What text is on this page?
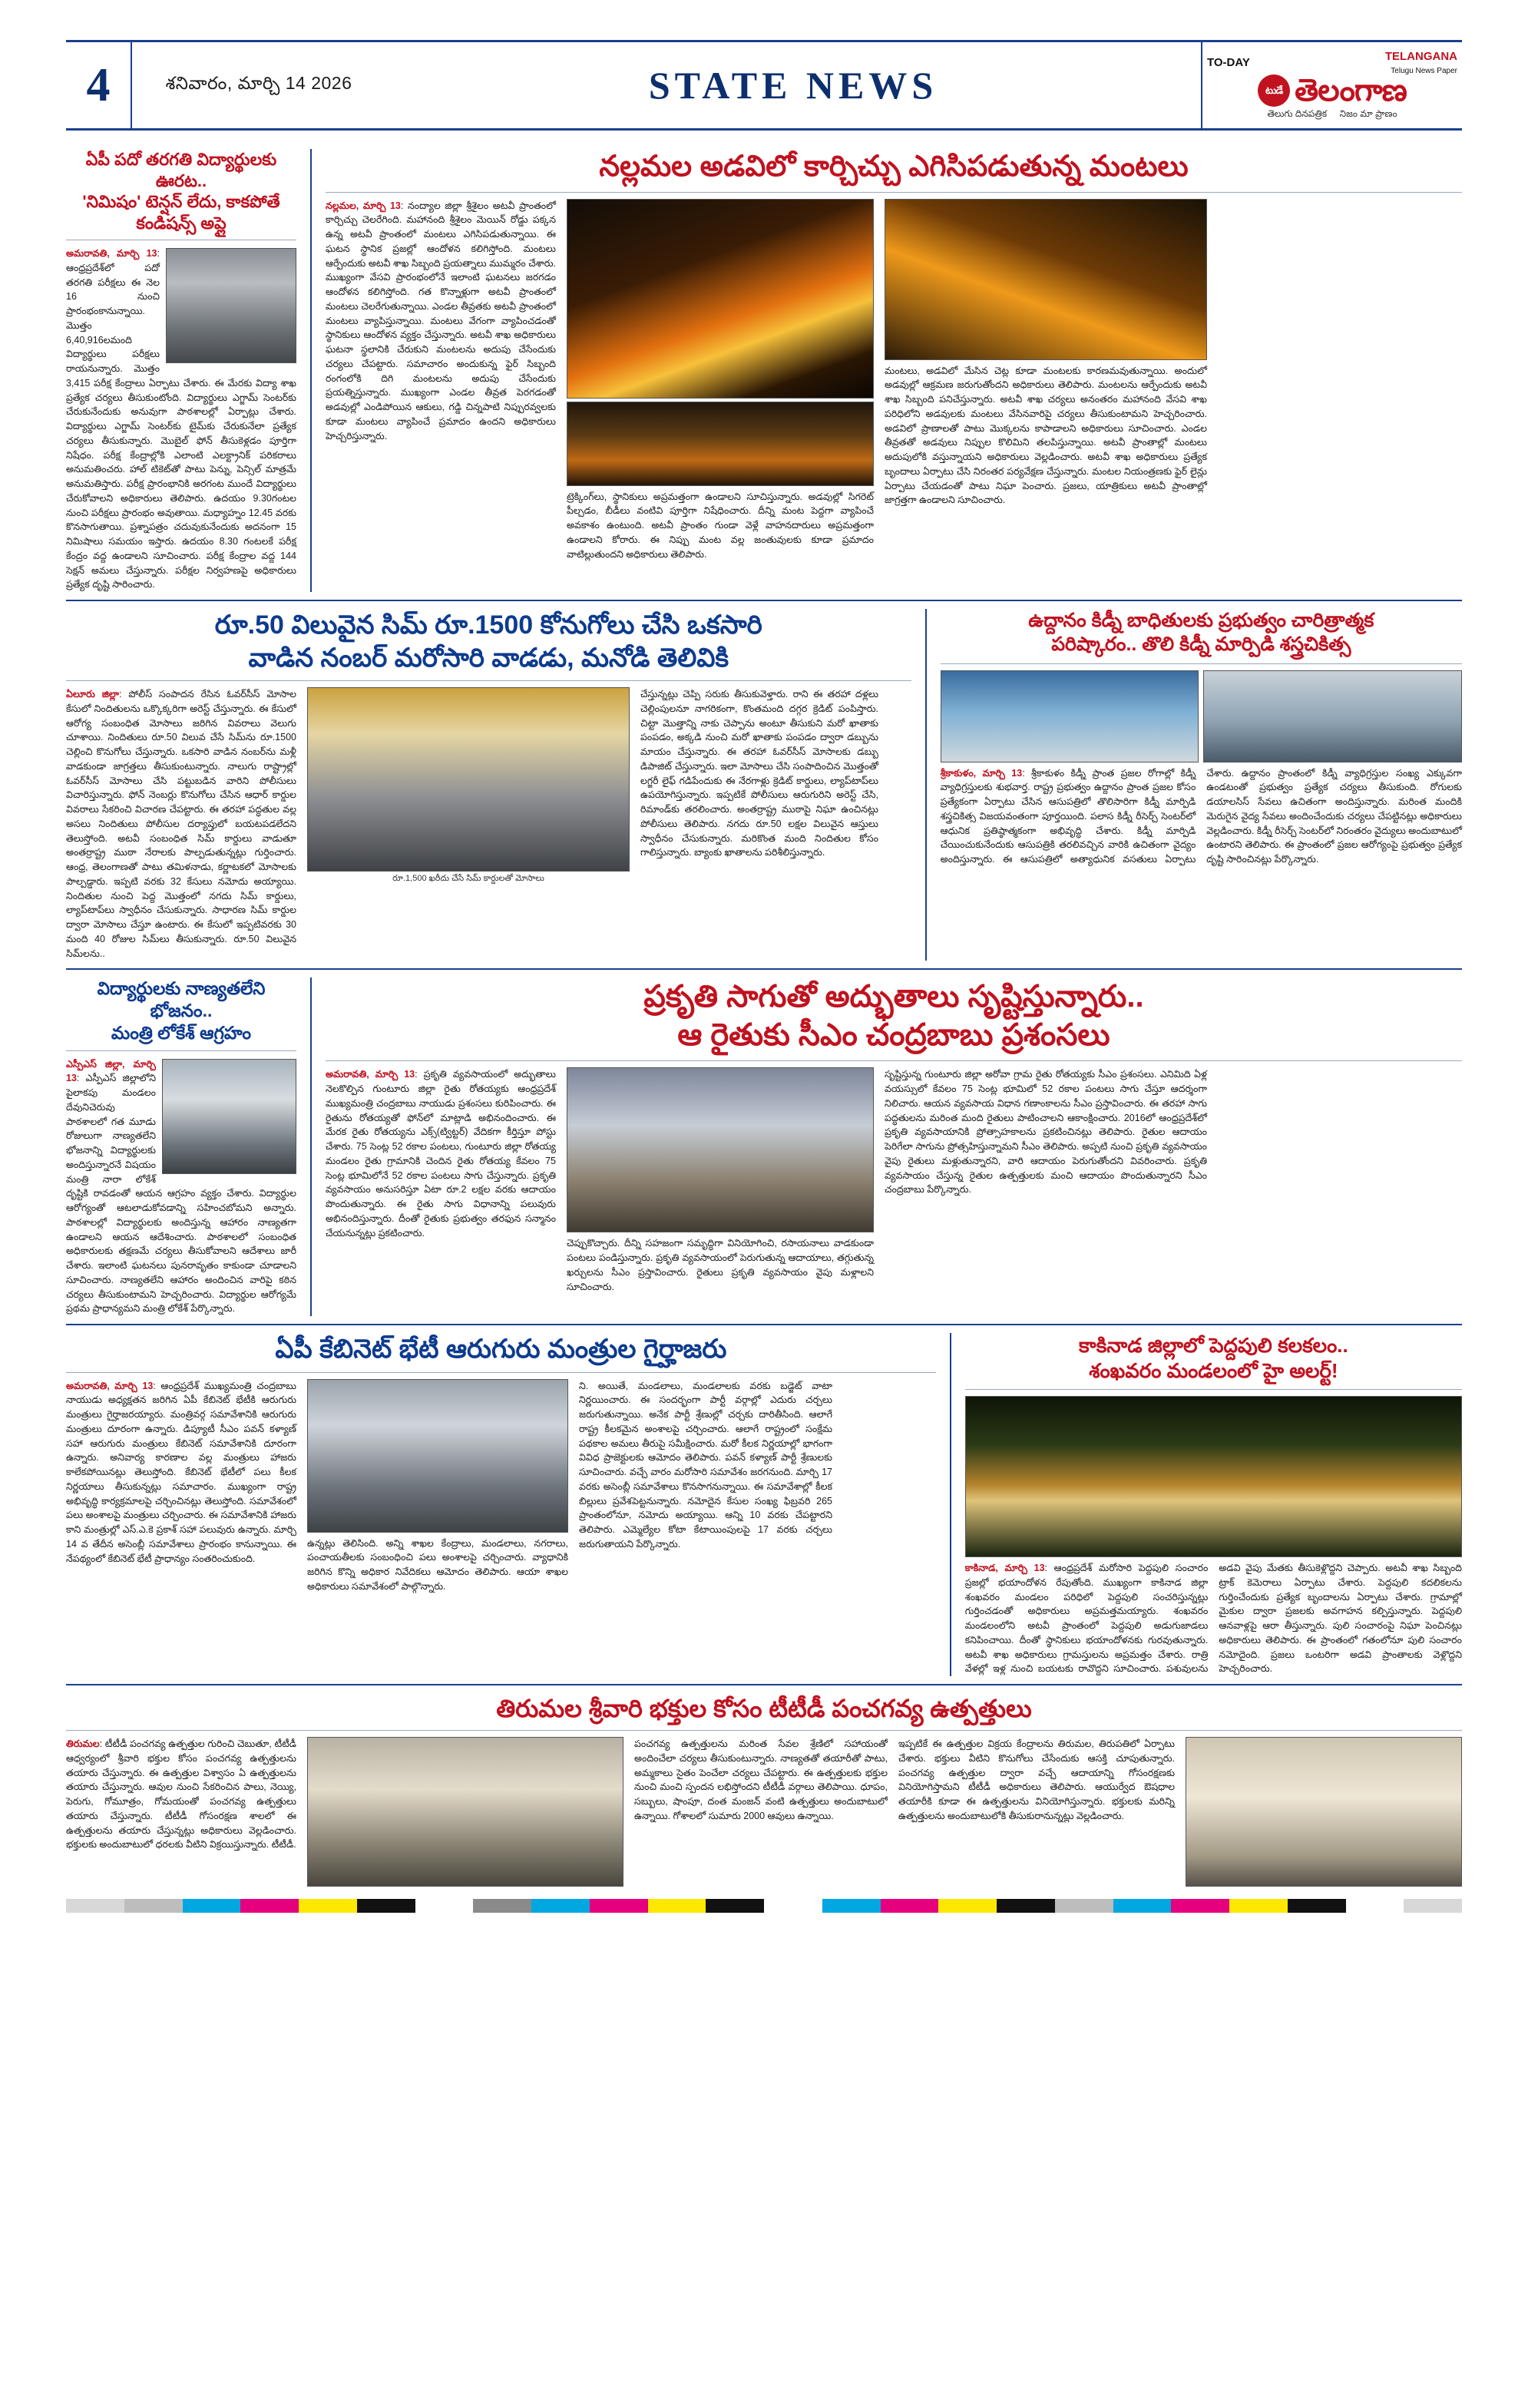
4	శనివారం, మార్చి 14 2026	STATE NEWS
TO-DAY	TELANGANA
Telugu News Paper
టుడే తెలంగాణ
తెలుగు దినపత్రిక నిజం మా ప్రాణం
ఏపీ పదో తరగతి విద్యార్థులకు ఊరట..
'నిమిషం' టెన్షన్ లేదు, కాకపోతే కండిషన్స్ అప్లై
అమరావతి, మార్చి 13: ఆంధ్రప్రదేశ్‌లో పదో తరగతి పరీక్షలు ఈ నెల 16 నుంచి ప్రారంభంకానున్నాయి. మొత్తం 6,40,916లమంది విద్యార్థులు పరీక్షలు రాయనున్నారు. మొత్తం 3,415 పరీక్ష కేంద్రాలు ఏర్పాటు చేశారు. ఈ మేరకు విద్యా శాఖ ప్రత్యేక చర్యలు తీసుకుంటోంది. విద్యార్థులు ఎగ్జామ్ సెంటర్‌కు చేరుకునేందుకు అనువుగా పాఠశాలల్లో ఏర్పాట్లు చేశారు. విద్యార్థులు ఎగ్జామ్ సెంటర్‌కు టైమ్‌కు చేరుకునేలా ప్రత్యేక చర్యలు తీసుకున్నారు. మొబైల్ ఫోన్ తీసుకెళ్లడం పూర్తిగా నిషేధం. పరీక్ష కేంద్రాల్లోకి ఎలాంటి ఎలక్ట్రానిక్ పరికరాలు అనుమతించరు. హాల్ టికెట్‌తో పాటు పెన్ను, పెన్సిల్ మాత్రమే అనుమతిస్తారు. పరీక్ష ప్రారంభానికి అరగంట ముందే విద్యార్థులు చేరుకోవాలని అధికారులు తెలిపారు. ఉదయం 9.30గంటల నుంచి పరీక్షలు ప్రారంభం అవుతాయి. మధ్యాహ్నం 12.45 వరకు కొనసాగుతాయి. ప్రశ్నాపత్రం చదువుకునేందుకు అదనంగా 15 నిమిషాలు సమయం ఇస్తారు. ఉదయం 8.30 గంటలకే పరీక్ష కేంద్రం వద్ద ఉండాలని సూచించారు. పరీక్ష కేంద్రాల వద్ద 144 సెక్షన్ అమలు చేస్తున్నారు. పరీక్షల నిర్వహణపై అధికారులు ప్రత్యేక దృష్టి సారించారు.
నల్లమల అడవిలో కార్చిచ్చు ఎగిసిపడుతున్న మంటలు
నల్లమల, మార్చి 13: నంద్యాల జిల్లా శ్రీశైలం అటవీ ప్రాంతంలో కార్చిచ్చు చెలరేగింది. మహానంది శ్రీశైలం మెయిన్ రోడ్డు పక్కన ఉన్న అటవీ ప్రాంతంలో మంటలు ఎగిసిపడుతున్నాయి. ఈ ఘటన స్థానిక ప్రజల్లో ఆందోళన కలిగిస్తోంది. మంటలు ఆర్పేందుకు అటవీ శాఖ సిబ్బంది ప్రయత్నాలు ముమ్మరం చేశారు. ముఖ్యంగా వేసవి ప్రారంభంలోనే ఇలాంటి ఘటనలు జరగడం ఆందోళన కలిగిస్తోంది. గత కొన్నాళ్లుగా అటవీ ప్రాంతంలో మంటలు చెలరేగుతున్నాయి. ఎండల తీవ్రతకు అటవీ ప్రాంతంలో మంటలు వ్యాపిస్తున్నాయి. మంటలు వేగంగా వ్యాపించడంతో స్థానికులు ఆందోళన వ్యక్తం చేస్తున్నారు. అటవీ శాఖ అధికారులు ఘటనా స్థలానికి చేరుకుని మంటలను అదుపు చేసేందుకు చర్యలు చేపట్టారు. సమాచారం అందుకున్న ఫైర్ సిబ్బంది రంగంలోకి దిగి మంటలను అదుపు చేసేందుకు ప్రయత్నిస్తున్నారు. ముఖ్యంగా ఎండల తీవ్రత పెరగడంతో అడవుల్లో ఎండిపోయిన ఆకులు, గడ్డి చిన్నపాటి నిప్పురవ్వలకు కూడా మంటలు వ్యాపించే ప్రమాదం ఉందని అధికారులు హెచ్చరిస్తున్నారు.
ట్రెక్కింగ్‌లు, స్థానికులు అప్రమత్తంగా ఉండాలని సూచిస్తున్నారు. అడవుల్లో సిగరెట్ పీల్చడం, బీడీలు వంటివి పూర్తిగా నిషేధించారు. దీన్ని మంట పెద్దగా వ్యాపించే అవకాశం ఉంటుంది. అటవీ ప్రాంతం గుండా వెళ్లే వాహనదారులు అప్రమత్తంగా ఉండాలని కోరారు. ఈ నిప్పు మంట వల్ల జంతువులకు కూడా ప్రమాదం వాటిల్లుతుందని అధికారులు తెలిపారు.
మంటలు, అడవిలో మేసిన చెట్ల కూడా మంటలకు కారణమవుతున్నాయి. అందులో అడవుల్లో ఆక్రమణ జరుగుతోందని అధికారులు తెలిపారు. మంటలను ఆర్పేందుకు అటవీ శాఖ సిబ్బంది పనిచేస్తున్నారు. అటవీ శాఖ చర్యలు అనంతరం మహానంది వేసవి శాఖ పరిధిలోని అడవులకు మంటలు వేసినవారిపై చర్యలు తీసుకుంటామని హెచ్చరించారు. అడవిలో ప్రాణాలతో పాటు మొక్కలను కాపాడాలని అధికారులు సూచించారు. ఎండల తీవ్రతతో అడవులు నిప్పుల కొలిమిని తలపిస్తున్నాయి. అటవీ ప్రాంతాల్లో మంటలు అదుపులోకి వస్తున్నాయని అధికారులు వెల్లడించారు. అటవీ శాఖ అధికారులు ప్రత్యేక బృందాలు ఏర్పాటు చేసి నిరంతర పర్యవేక్షణ చేస్తున్నారు. మంటల నియంత్రణకు ఫైర్ లైన్లు ఏర్పాటు చేయడంతో పాటు నిఘా పెంచారు. ప్రజలు, యాత్రికులు అటవీ ప్రాంతాల్లో జాగ్రత్తగా ఉండాలని సూచించారు.
రూ.50 విలువైన సిమ్ రూ.1500 కోనుగోలు చేసి ఒకసారి
వాడిన నంబర్ మరోసారి వాడడు, మనోడి తెలివికి
ఏలూరు జిల్లా: పోలీస్ సంపాదన రేసిన ఓవర్‌సీస్ మోసాల కేసులో నిందితులను ఒక్కొక్కరిగా అరెస్ట్ చేస్తున్నారు. ఈ కేసులో ఆరోగ్య సంబంధిత మోసాలు జరిగిన వివరాలు వెలుగు చూశాయి. నిందితులు రూ.50 విలువ చేసే సిమ్‌ను రూ.1500 చెల్లించి కొనుగోలు చేస్తున్నారు. ఒకసారి వాడిన నంబర్‌ను మళ్లీ వాడకుండా జాగ్రత్తలు తీసుకుంటున్నారు. నాలుగు రాష్ట్రాల్లో ఓవర్‌సీస్ మోసాలు చేసి పట్టుబడిన వారిని పోలీసులు విచారిస్తున్నారు. ఫోన్ నెంబర్లు కొనుగోలు చేసిన ఆధార్ కార్డుల వివరాలు సేకరించి విచారణ చేపట్టారు. ఈ తరహా పద్ధతుల వల్ల అసలు నిందితులు పోలీసుల దర్యాప్తులో బయటపడలేదని తెలుస్తోంది. అటవీ సంబంధిత సిమ్ కార్డులు వాడుతూ అంతర్రాష్ట్ర ముఠా నేరాలకు పాల్పడుతున్నట్లు గుర్తించారు. ఆంధ్ర, తెలంగాణతో పాటు తమిళనాడు, కర్ణాటకలో మోసాలకు పాల్పడ్డారు. ఇప్పటి వరకు 32 కేసులు నమోదు అయ్యాయి. నిందితుల నుంచి పెద్ద మొత్తంలో నగదు సిమ్ కార్డులు, ల్యాప్‌టాప్‌లు స్వాధీనం చేసుకున్నారు. సాధారణ సిమ్ కార్డుల ద్వారా మోసాలు చేస్తూ ఉంటారు. ఈ కేసులో ఇప్పటివరకు 30 మంది 40 రోజుల సిమ్‌లు తీసుకున్నారు. రూ.50 విలువైన సిమ్‌లను..
రూ.1,500 ఖరీదు చేసే సిమ్ కార్డులతో మోసాలు
చేస్తున్నట్లు చెప్పి సరుకు తీసుకువెళ్తారు. రాని ఈ తరహా దళ్లలు చెల్లింపులనూ నాగరికంగా, కొంతమంది దగ్గర క్రెడిట్ పంపిస్తారు. చిట్టా మొత్తాన్ని నాకు చెప్పాను అంటూ తీసుకుని మరో ఖాతాకు పంపడం, అక్కడి నుంచి మరో ఖాతాకు పంపడం ద్వారా డబ్బును మాయం చేస్తున్నారు. ఈ తరహా ఓవర్‌సీస్ మోసాలకు డబ్బు డిపాజిట్ చేస్తున్నారు. ఇలా మోసాలు చేసి సంపాదించిన మొత్తంతో లగ్జరీ లైఫ్ గడిపేందుకు ఈ నేరగాళ్లు క్రెడిట్ కార్డులు, ల్యాప్‌టాప్‌లు ఉపయోగిస్తున్నారు. ఇప్పటికే పోలీసులు ఆరుగురిని అరెస్ట్ చేసి, రిమాండ్‌కు తరలించారు. అంతర్రాష్ట్ర ముఠాపై నిఘా ఉంచినట్లు పోలీసులు తెలిపారు. నగదు రూ.50 లక్షల విలువైన ఆస్తులు స్వాధీనం చేసుకున్నారు. మరికొంత మంది నిందితుల కోసం గాలిస్తున్నారు. బ్యాంకు ఖాతాలను పరిశీలిస్తున్నారు.
ఉద్దానం కిడ్నీ బాధితులకు ప్రభుత్వం చారిత్రాత్మక
పరిష్కారం.. తొలి కిడ్నీ మార్పిడి శస్త్రచికిత్స
శ్రీకాకుళం, మార్చి 13: శ్రీకాకుళం కిడ్నీ ప్రాంత ప్రజల రోగాల్లో కిడ్నీ వ్యాధిగ్రస్తులకు శుభవార్త. రాష్ట్ర ప్రభుత్వం ఉద్దానం ప్రాంత ప్రజల కోసం ప్రత్యేకంగా ఏర్పాటు చేసిన ఆసుపత్రిలో తొలిసారిగా కిడ్నీ మార్పిడి శస్త్రచికిత్స విజయవంతంగా పూర్తయింది. పలాస కిడ్నీ రీసెర్చ్ సెంటర్‌లో ఆధునిక ప్రతిష్ఠాత్మకంగా అభివృద్ధి చేశారు. కిడ్నీ మార్పిడి చేయించుకునేందుకు ఆసుపత్రికి తరలివచ్చిన వారికి ఉచితంగా వైద్యం అందిస్తున్నారు. ఈ ఆసుపత్రిలో అత్యాధునిక వసతులు ఏర్పాటు చేశారు. ఉద్దానం ప్రాంతంలో కిడ్నీ వ్యాధిగ్రస్తుల సంఖ్య ఎక్కువగా ఉండటంతో ప్రభుత్వం ప్రత్యేక చర్యలు తీసుకుంది. రోగులకు డయాలసిస్ సేవలు ఉచితంగా అందిస్తున్నారు. మరింత మందికి మెరుగైన వైద్య సేవలు అందించేందుకు చర్యలు చేపట్టినట్లు అధికారులు వెల్లడించారు. కిడ్నీ రీసెర్చ్ సెంటర్‌లో నిరంతరం వైద్యులు అందుబాటులో ఉంటారని తెలిపారు. ఈ ప్రాంతంలో ప్రజల ఆరోగ్యంపై ప్రభుత్వం ప్రత్యేక దృష్టి సారించినట్లు పేర్కొన్నారు.
విద్యార్థులకు నాణ్యతలేని భోజనం..
మంత్రి లోకేశ్ ఆగ్రహం
ఎస్పీఎస్ జిల్లా, మార్చి 13: ఎస్పీఎస్ జిల్లాలోని పైలాకపు మండలం దేవునిచెరువు పాఠశాలలో గత మూడు రోజులుగా నాణ్యతలేని భోజనాన్ని విద్యార్థులకు అందిస్తున్నారనే విషయం మంత్రి నారా లోకేశ్ దృష్టికి రావడంతో ఆయన ఆగ్రహం వ్యక్తం చేశారు. విద్యార్థుల ఆరోగ్యంతో ఆటలాడుకోవడాన్ని సహించబోమని అన్నారు. పాఠశాలల్లో విద్యార్థులకు అందిస్తున్న ఆహారం నాణ్యతగా ఉండాలని ఆయన ఆదేశించారు. పాఠశాలలో సంబంధిత అధికారులకు తక్షణమే చర్యలు తీసుకోవాలని ఆదేశాలు జారీ చేశారు. ఇలాంటి ఘటనలు పునరావృతం కాకుండా చూడాలని సూచించారు. నాణ్యతలేని ఆహారం అందించిన వారిపై కఠిన చర్యలు తీసుకుంటామని హెచ్చరించారు. విద్యార్థుల ఆరోగ్యమే ప్రథమ ప్రాధాన్యమని మంత్రి లోకేశ్ పేర్కొన్నారు.
ప్రకృతి సాగుతో అద్భుతాలు సృష్టిస్తున్నారు..
ఆ రైతుకు సీఎం చంద్రబాబు ప్రశంసలు
అమరావతి, మార్చి 13: ప్రకృతి వ్యవసాయంలో అద్భుతాలు నెలకొల్పిన గుంటూరు జిల్లా రైతు రోతయ్యకు ఆంధ్రప్రదేశ్ ముఖ్యమంత్రి చంద్రబాబు నాయుడు ప్రశంసలు కురిపించారు. ఈ రైతును రోతయ్యతో ఫోన్‌లో మాట్లాడి అభినందించారు. ఈ మేరక రైతు రోతయ్యను ఎక్స్‌(ట్విట్టర్) వేదికగా కీర్తిస్తూ పోస్టు చేశారు. 75 సెంట్ల 52 రకాల పంటలు, గుంటూరు జిల్లా రోతయ్య మండలం రైతు గ్రామానికి చెందిన రైతు రోతయ్య కేవలం 75 సెంట్ల భూమిలోనే 52 రకాల పంటలు సాగు చేస్తున్నారు. ప్రకృతి వ్యవసాయం అనుసరిస్తూ ఏటా రూ.2 లక్షల వరకు ఆదాయం పొందుతున్నారు. ఈ రైతు సాగు విధానాన్ని పలువురు అభినందిస్తున్నారు. దీంతో రైతుకు ప్రభుత్వం తరఫున సన్మానం చేయనున్నట్లు ప్రకటించారు.
చెప్పుకొచ్చారు. దీన్ని సహజంగా సమృద్ధిగా వినియోగించి, రసాయనాలు వాడకుండా పంటలు పండిస్తున్నారు. ప్రకృతి వ్యవసాయంలో పెరుగుతున్న ఆదాయాలు, తగ్గుతున్న ఖర్చులను సీఎం ప్రస్తావించారు. రైతులు ప్రకృతి వ్యవసాయం వైపు మళ్లాలని సూచించారు.
సృష్టిస్తున్న గుంటూరు జిల్లా అరోవా గ్రామ రైతు రోతయ్యకు సీఎం ప్రశంసలు. ఎనిమిది ఏళ్ల వయస్సులో కేవలం 75 సెంట్ల భూమిలో 52 రకాల పంటలు సాగు చేస్తూ ఆదర్శంగా నిలిచారు. ఆయన వ్యవసాయ విధాన గణాంకాలను సీఎం ప్రస్తావించారు. ఈ తరహా సాగు పద్ధతులను మరింత మంది రైతులు పాటించాలని ఆకాంక్షించారు. 2016లో ఆంధ్రప్రదేశ్‌లో ప్రకృతి వ్యవసాయానికి ప్రోత్సాహకాలను ప్రకటించినట్లు తెలిపారు. రైతుల ఆదాయం పెరిగేలా సాగును ప్రోత్సహిస్తున్నామని సీఎం తెలిపారు. అప్పటి నుంచి ప్రకృతి వ్యవసాయం వైపు రైతులు మళ్లుతున్నారని, వారి ఆదాయం పెరుగుతోందని వివరించారు. ప్రకృతి వ్యవసాయం చేస్తున్న రైతుల ఉత్పత్తులకు మంచి ఆదాయం పొందుతున్నారని సీఎం చంద్రబాబు పేర్కొన్నారు.
ఏపీ కేబినెట్ భేటీ ఆరుగురు మంత్రుల గైర్హాజరు
అమరావతి, మార్చి 13: ఆంధ్రప్రదేశ్ ముఖ్యమంత్రి చంద్రబాబు నాయుడు అధ్యక్షతన జరిగిన ఏపీ కేబినెట్ భేటీకి ఆరుగురు మంత్రులు గైర్హాజరయ్యారు. మంత్రివర్గ సమావేశానికి ఆరుగురు మంత్రులు దూరంగా ఉన్నారు. డిప్యూటీ సీఎం పవన్ కళ్యాణ్ సహా ఆరుగురు మంత్రులు కేబినెట్ సమావేశానికి దూరంగా ఉన్నారు. అనివార్య కారణాల వల్ల మంత్రులు హాజరు కాలేకపోయినట్లు తెలుస్తోంది. కేబినెట్ భేటీలో పలు కీలక నిర్ణయాలు తీసుకున్నట్లు సమాచారం. ముఖ్యంగా రాష్ట్ర అభివృద్ధి కార్యక్రమాలపై చర్చించినట్లు తెలుస్తోంది. సమావేశంలో పలు అంశాలపై మంత్రులు చర్చించారు. ఈ సమావేశానికి హాజరు కాని మంత్రుల్లో ఎస్.ఎ.కె ప్రకాశ్ సహా పలువురు ఉన్నారు. మార్చి 14 వ తేదీన అసెంబ్లీ సమావేశాలు ప్రారంభం కానున్నాయి. ఈ నేపథ్యంలో కేబినెట్ భేటీ ప్రాధాన్యం సంతరించుకుంది.
ఉన్నట్లు తెలిసింది. అన్ని శాఖల కేంద్రాలు, మండలాలు, నగరాలు, పంచాయతీలకు సంబంధించి పలు అంశాలపై చర్చించారు. వ్యాధానికి జరిగిన కొన్ని అధికార నివేదికలు ఆమోదం తెలిపారు. ఆయా శాఖల అధికారులు సమావేశంలో పాల్గొన్నారు.
ని. అయితే, మండలాలు, మండలాలకు వరకు బడ్జెట్ వాటా నిర్ణయించారు. ఈ సందర్భంగా పార్టీ వర్గాల్లో ఎదురు చర్చలు జరుగుతున్నాయి. అనేక పార్టీ శ్రేణుల్లో చర్చకు దారితీసింది. ఆలాగే రాష్ట్ర కీలకమైన అంశాలపై చర్చించారు. ఆలాగే రాష్ట్రంలో సంక్షేమ పథకాల అమలు తీరుపై సమీక్షించారు. మరో కీలక నిర్ణయాల్లో భాగంగా వివిధ ప్రాజెక్టులకు ఆమోదం తెలిపారు. పవన్ కళ్యాణ్ పార్టీ శ్రేణులకు సూచించారు. వచ్చే వారం మరోసారి సమావేశం జరగనుంది. మార్చి 17 వరకు అసెంబ్లీ సమావేశాలు కొనసాగనున్నాయి. ఈ సమావేశాల్లో కీలక బిల్లులు ప్రవేశపెట్టనున్నారు. నమోదైన కేసుల సంఖ్య ఫిబ్రవరి 265 ప్రాంతంలోనూ, నమోదు అయ్యాయి. ఆన్ని 10 వరకు చేపట్టారని తెలిపారు. ఎమ్మెల్యేల కోటా కేటాయింపులపై 17 వరకు చర్చలు జరుగుతాయని పేర్కొన్నారు.
కాకినాడ జిల్లాలో పెద్దపులి కలకలం..
శంఖవరం మండలంలో హై అలర్ట్!
కాకినాడ, మార్చి 13: ఆంధ్రప్రదేశ్ మరోసారి పెద్దపులి సంచారం ప్రజల్లో భయాందోళన రేపుతోంది. ముఖ్యంగా కాకినాడ జిల్లా శంఖవరం మండలం పరిధిలో పెద్దపులి సంచరిస్తున్నట్లు గుర్తించడంతో అధికారులు అప్రమత్తమయ్యారు. శంఖవరం మండలంలోని అటవీ ప్రాంతంలో పెద్దపులి అడుగుజాడలు కనిపించాయి. దీంతో స్థానికులు భయాందోళనకు గురవుతున్నారు. అటవీ శాఖ అధికారులు గ్రామస్తులను అప్రమత్తం చేశారు. రాత్రి వేళల్లో ఇళ్ల నుంచి బయటకు రావొద్దని సూచించారు. పశువులను అడవి వైపు మేతకు తీసుకెళ్లొద్దని చెప్పారు. అటవీ శాఖ సిబ్బంది ట్రాక్ కెమెరాలు ఏర్పాటు చేశారు. పెద్దపులి కదలికలను గుర్తించేందుకు ప్రత్యేక బృందాలను ఏర్పాటు చేశారు. గ్రామాల్లో మైకుల ద్వారా ప్రజలకు అవగాహన కల్పిస్తున్నారు. పెద్దపులి ఆనవాళ్లపై ఆరా తీస్తున్నారు. పులి సంచారంపై నిఘా పెంచినట్లు అధికారులు తెలిపారు. ఈ ప్రాంతంలో గతంలోనూ పులి సంచారం నమోదైంది. ప్రజలు ఒంటరిగా అడవి ప్రాంతాలకు వెళ్లొద్దని హెచ్చరించారు.
తిరుమల శ్రీవారి భక్తుల కోసం టీటీడీ పంచగవ్య ఉత్పత్తులు
తిరుమల: టీటీడీ పంచగవ్య ఉత్పత్తుల గురించి చెబుతూ, టీటీడీ ఆధ్వర్యంలో శ్రీవారి భక్తుల కోసం పంచగవ్య ఉత్పత్తులను తయారు చేస్తున్నారు. ఈ ఉత్పత్తుల విశ్వాసం ఏ ఉత్పత్తులను తయారు చేస్తున్నారు. ఆవుల నుంచి సేకరించిన పాలు, నెయ్యి, పెరుగు, గోమూత్రం, గోమయంతో పంచగవ్య ఉత్పత్తులు తయారు చేస్తున్నారు. టీటీడీ గోసంరక్షణ శాలలో ఈ ఉత్పత్తులను తయారు చేస్తున్నట్లు అధికారులు వెల్లడించారు. భక్తులకు అందుబాటులో ధరలకు వీటిని విక్రయిస్తున్నారు. టీటీడీ.
పంచగవ్య ఉత్పత్తులను మరింత సేవల శ్రేణిలో సహాయంతో అందించేలా చర్యలు తీసుకుంటున్నారు. నాణ్యతతో తయారీతో పాటు, అమ్మకాలు సైతం పెంచేలా చర్యలు చేపట్టారు. ఈ ఉత్పత్తులకు భక్తుల నుంచి మంచి స్పందన లభిస్తోందని టీటీడీ వర్గాలు తెలిపాయి. ధూపం, సబ్బులు, షాంపూ, దంత మంజన్ వంటి ఉత్పత్తులు అందుబాటులో ఉన్నాయి. గోశాలలో సుమారు 2000 ఆవులు ఉన్నాయి.
ఇప్పటికే ఈ ఉత్పత్తుల విక్రయ కేంద్రాలను తిరుమల, తిరుపతిలో ఏర్పాటు చేశారు. భక్తులు వీటిని కొనుగోలు చేసేందుకు ఆసక్తి చూపుతున్నారు. పంచగవ్య ఉత్పత్తుల ద్వారా వచ్చే ఆదాయాన్ని గోసంరక్షణకు వినియోగిస్తామని టీటీడీ అధికారులు తెలిపారు. ఆయుర్వేద ఔషధాల తయారీకి కూడా ఈ ఉత్పత్తులను వినియోగిస్తున్నారు. భక్తులకు మరిన్ని ఉత్పత్తులను అందుబాటులోకి తీసుకురానున్నట్లు వెల్లడించారు.
